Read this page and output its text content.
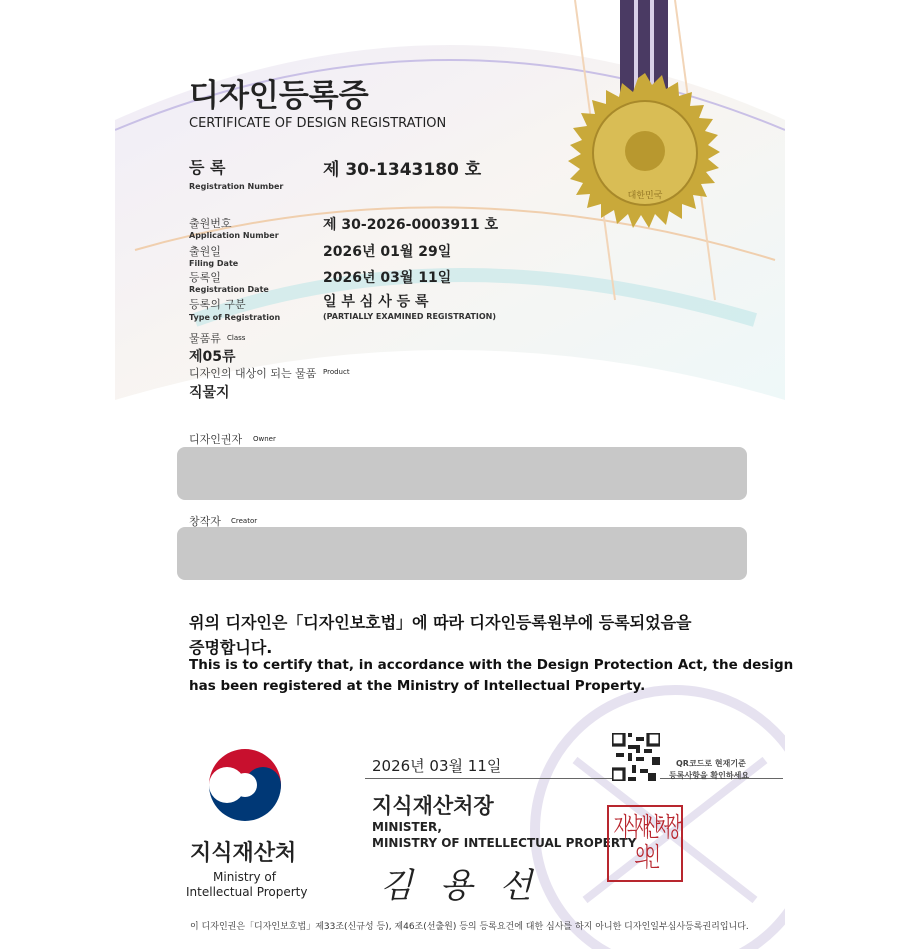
대한민국
디자인등록증
CERTIFICATE OF DESIGN REGISTRATION
등 록
Registration Number
제 30-1343180 호
출원번호
Application Number
제 30-2026-0003911 호
출원일
Filing Date
2026년 01월 29일
등록일
Registration Date
2026년 03월 11일
등록의 구분
Type of Registration
일 부 심 사 등 록
(PARTIALLY EXAMINED REGISTRATION)
물품류 Class
제05류
디자인의 대상이 되는 물품 Product
직물지
디자인권자 Owner
창작자 Creator
위의 디자인은「디자인보호법」에 따라 디자인등록원부에 등록되었음을
증명합니다.
This is to certify that, in accordance with the Design Protection Act, the design
has been registered at the Ministry of Intellectual Property.
지식재산처
Ministry of
Intellectual Property
2026년 03월 11일	QR코드로 현재기준
등록사항을 확인하세요
지식재산처장
MINISTER,
MINISTRY OF INTELLECTUAL PROPERTY
김 용 선
지식재산처장의인
이 디자인권은「디자인보호법」제33조(신규성 등), 제46조(선출원) 등의 등록요건에 대한 심사를 하지 아니한 디자인일부심사등록권리입니다.
